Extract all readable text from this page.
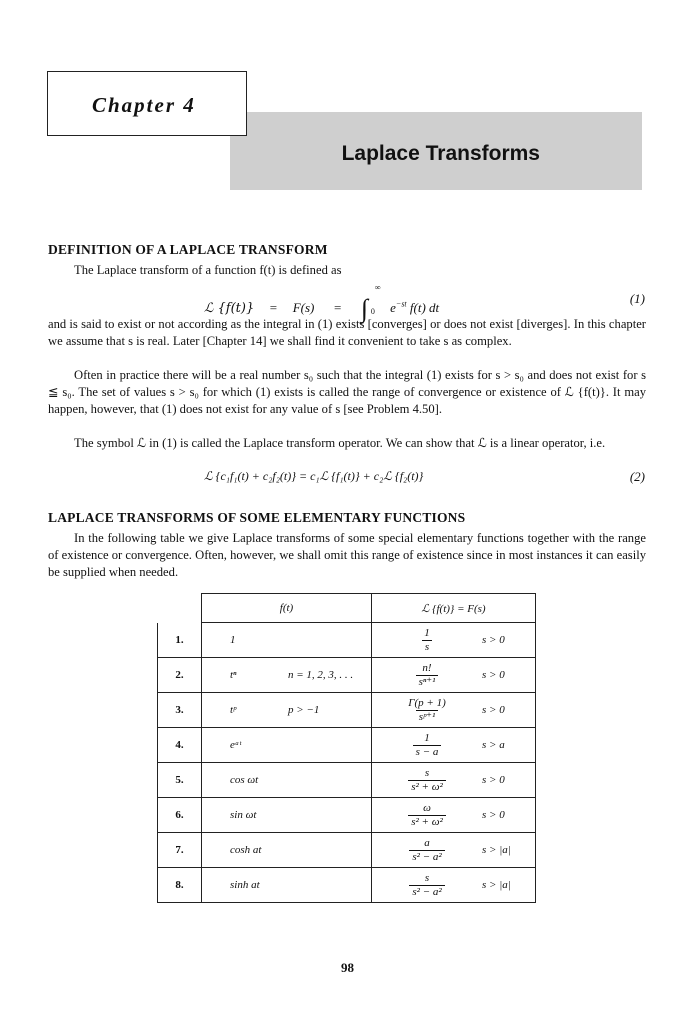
Laplace Transforms
Chapter 4
DEFINITION OF A LAPLACE TRANSFORM
The Laplace transform of a function f(t) is defined as
ℒ {f(t)} = F(s) = ∫
∞
0 $e^{-st}$ f(t) dt
(1)
and is said to exist or not according as the integral in (1) exists [converges] or does not exist [diverges]. In this chapter we assume that s is real. Later [Chapter 14] we shall find it convenient to take s as complex.
Often in practice there will be a real number s₀ such that the integral (1) exists for s > s₀ and does not exist for s ≦ s₀. The set of values s > s₀ for which (1) exists is called the range of convergence or existence of ℒ {f(t)}. It may happen, however, that (1) does not exist for any value of s [see Problem 4.50].
The symbol ℒ in (1) is called the Laplace transform operator. We can show that ℒ is a linear operator, i.e.
ℒ {c₁f₁(t) + c₂f₂(t)} = c₁ℒ {f₁(t)} + c₂ℒ {f₂(t)}	(2)
LAPLACE TRANSFORMS OF SOME ELEMENTARY FUNCTIONS
In the following table we give Laplace transforms of some special elementary functions together with the range of existence or convergence. Often, however, we shall omit this range of existence since in most instances it can easily be supplied when needed.
	f(t)	ℒ {f(t)} = F(s)
1.	1	$\frac{1}{s}$ s > 0

2.	tⁿ n = 1, 2, 3, . . .	$\frac{n!}{\text{sⁿ⁺¹}}$ s > 0

3.	tᵖ p > −1	$\frac{\Gamma(p + 1)}{\text{sᵖ⁺¹}}$ s > 0

4.	eᵃᵗ	$\frac{1}{s - a}$ s > a

5.	cos ωt	$\frac{s}{\text{s² + ω²}}$ s > 0

6.	sin ωt	$\frac{\omega}{\text{s² + ω²}}$ s > 0

7.	cosh at	$\frac{a}{\text{s² − a²}}$ s > |a|

8.	sinh at	$\frac{s}{\text{s² − a²}}$ s > |a|
98
